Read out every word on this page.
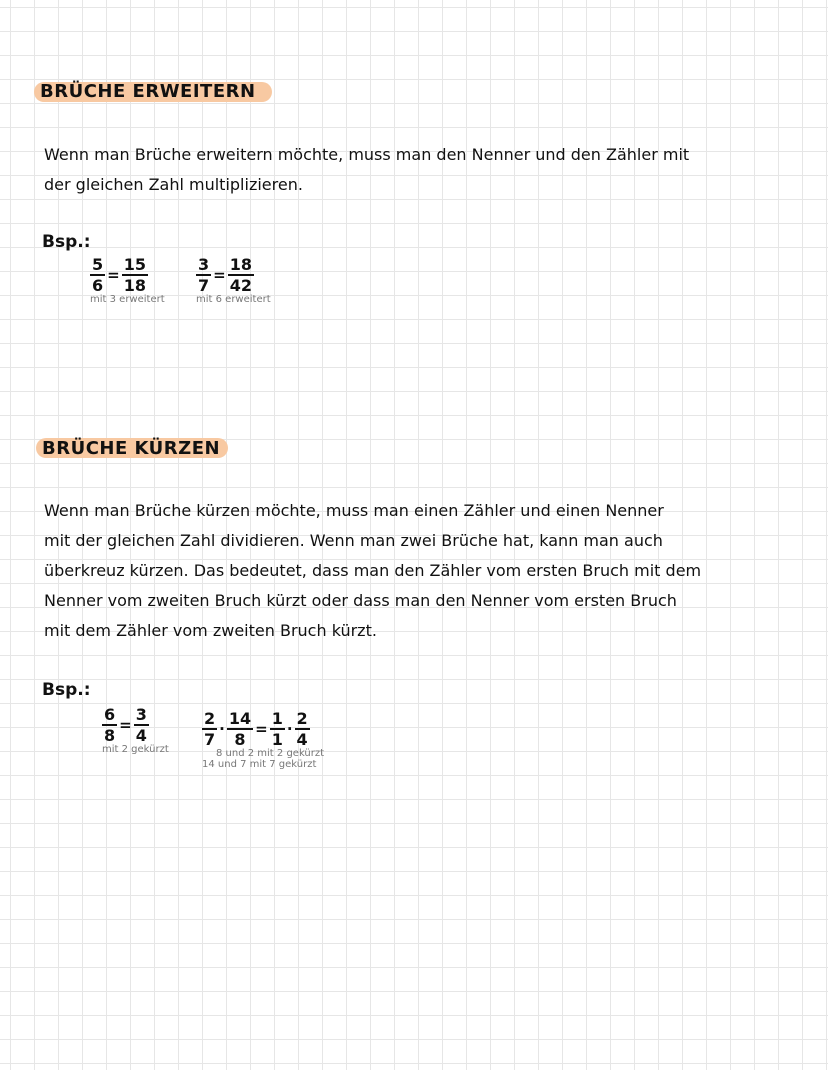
BRÜCHE ERWEITERN
Wenn man Brüche erweitern möchte, muss man den Nenner und den Zähler mit
der gleichen Zahl multiplizieren.
Bsp.:
$\frac{5}{6} = \frac{15}{18}$
mit 3 erweitert
$\frac{3}{7} = \frac{18}{42}$
mit 6 erweitert
BRÜCHE KÜRZEN
Wenn man Brüche kürzen möchte, muss man einen Zähler und einen Nenner
mit der gleichen Zahl dividieren. Wenn man zwei Brüche hat, kann man auch
überkreuz kürzen. Das bedeutet, dass man den Zähler vom ersten Bruch mit dem
Nenner vom zweiten Bruch kürzt oder dass man den Nenner vom ersten Bruch
mit dem Zähler vom zweiten Bruch kürzt.
Bsp.:
$\frac{6}{8} = \frac{3}{4}$
mit 2 gekürzt
$\frac{2}{7} \cdot \frac{14}{8} = \frac{1}{1} \cdot \frac{2}{4}$
8 und 2 mit 2 gekürzt
14 und 7 mit 7 gekürzt
